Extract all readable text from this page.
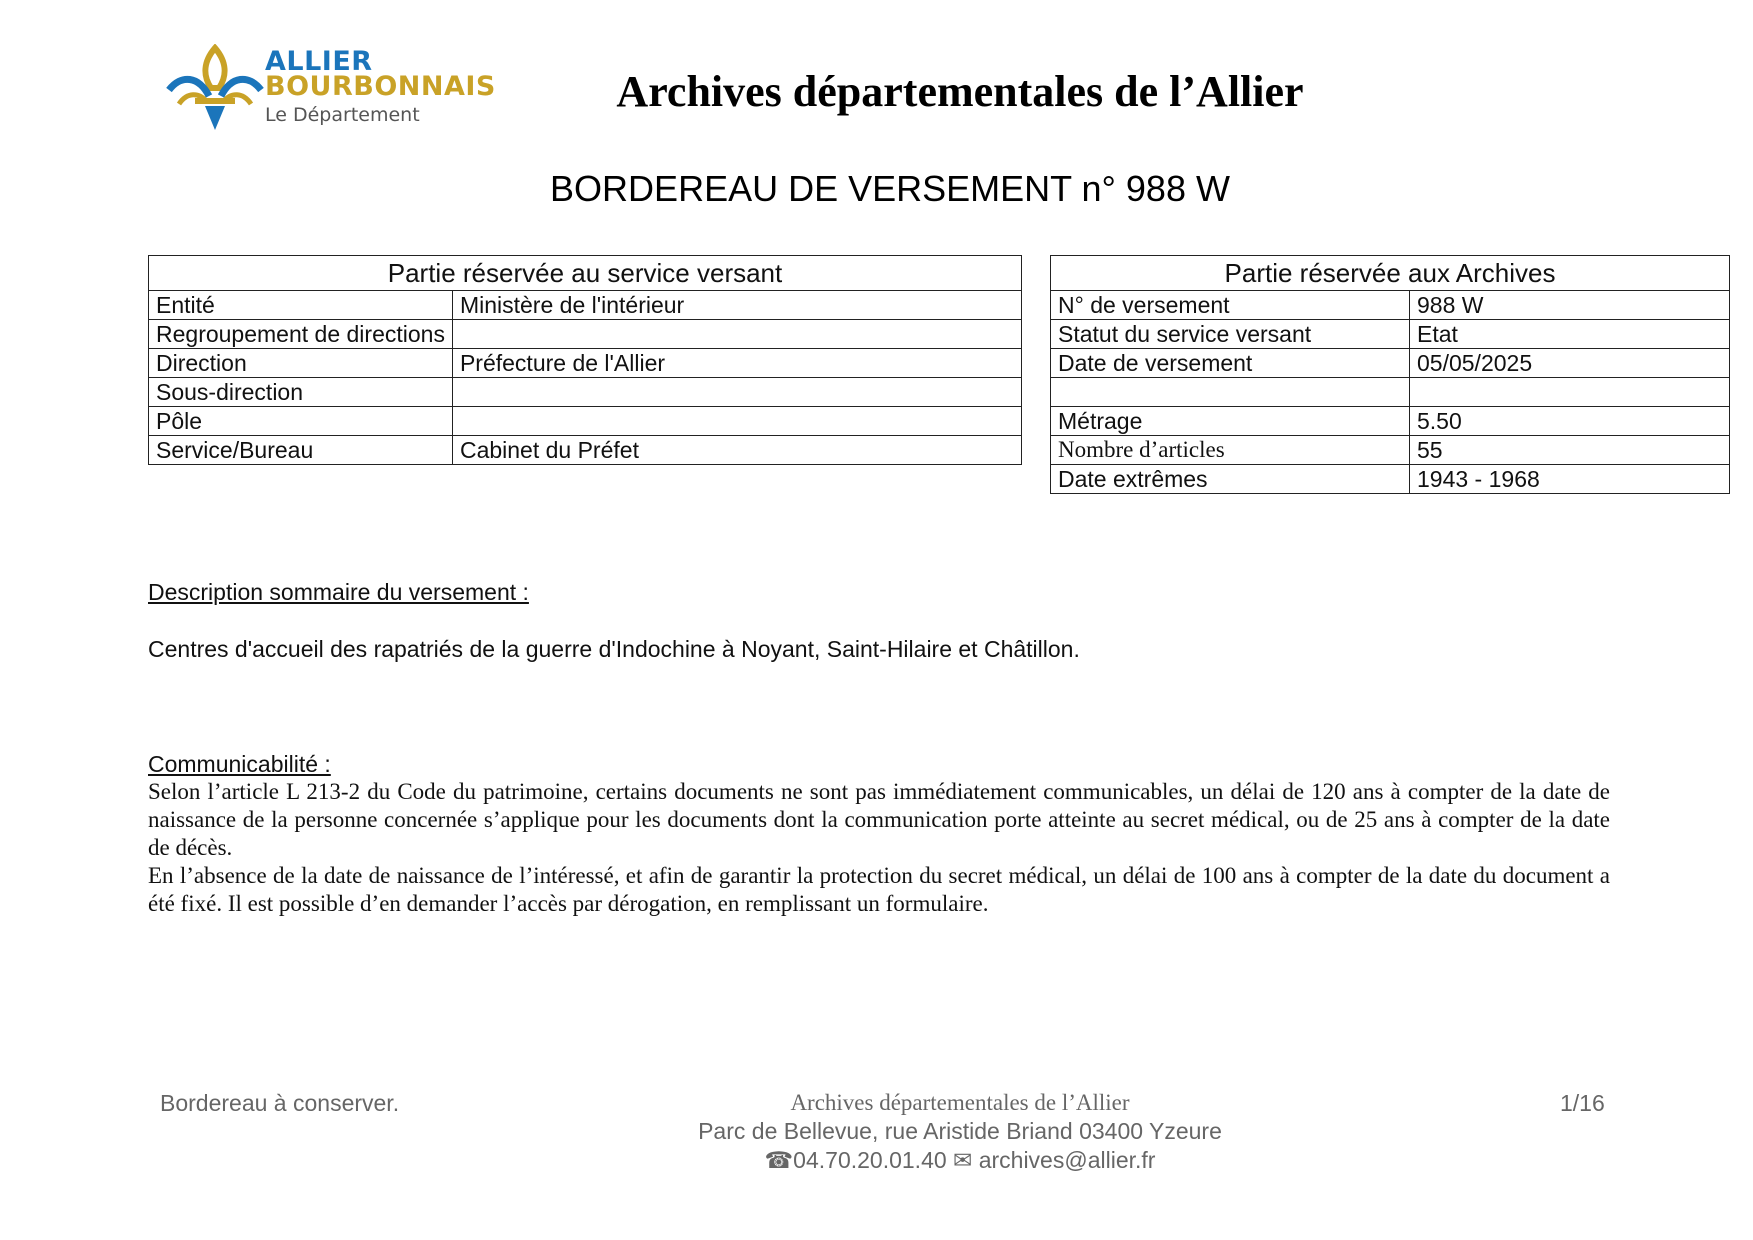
ALLIER
BOURBONNAIS
Le Département	Archives départementales de l’Allier
BORDEREAU DE VERSEMENT n° 988 W
Partie réservée au service versant	
Entité	Ministère de l'intérieur
Regroupement de directions	
Direction	Préfecture de l'Allier
Sous-direction	
Pôle	
Service/Bureau	Cabinet du Préfet
Partie réservée aux Archives	
N° de versement	988 W
Statut du service versant	Etat
Date de versement	05/05/2025

Métrage	5.50
Nombre d’articles	55
Date extrêmes	1943 - 1968
Description sommaire du versement :

Centres d'accueil des rapatriés de la guerre d'Indochine à Noyant, Saint-Hilaire et Châtillon.

Communicabilité :

Selon l’article L 213-2 du Code du patrimoine, certains documents ne sont pas immédiatement communicables, un délai de 120 ans à compter de la date de naissance de la personne concernée s’applique pour les documents dont la communication porte atteinte au secret médical, ou de 25 ans à compter de la date de décès.

En l’absence de la date de naissance de l’intéressé, et afin de garantir la protection du secret médical, un délai de 100 ans à compter de la date du document a été fixé. Il est possible d’en demander l’accès par dérogation, en remplissant un formulaire.

Bordereau à conserver.	Archives départementales de l’Allier
Parc de Bellevue, rue Aristide Briand 03400 Yzeure
☎04.70.20.01.40 ✉ archives@allier.fr
1/16
